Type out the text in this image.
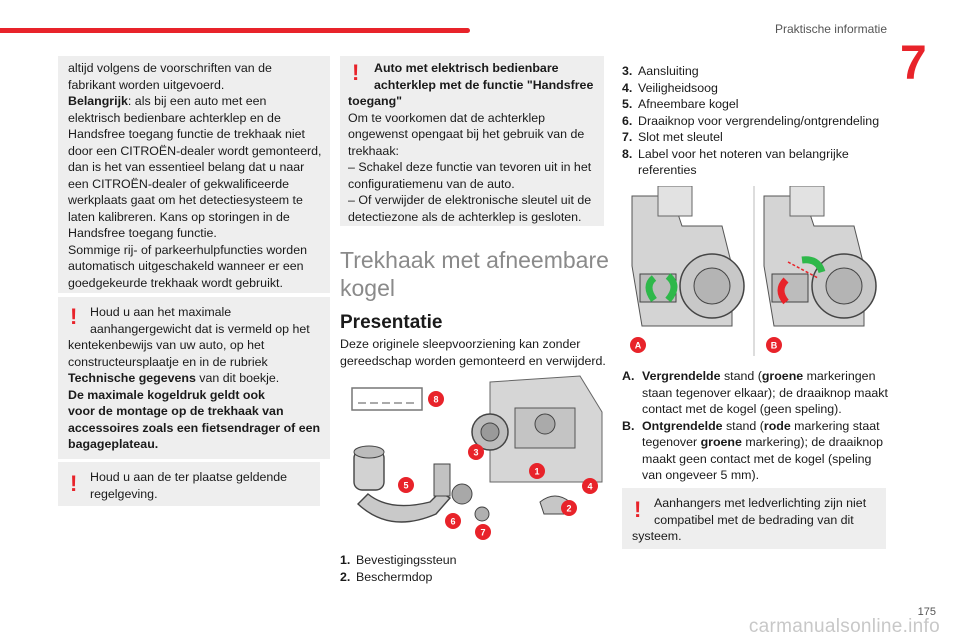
Praktische informatie
7
altijd volgens de voorschriften van de
fabrikant worden uitgevoerd.
Belangrijk: als bij een auto met een
elektrisch bedienbare achterklep en de
Handsfree toegang functie de trekhaak niet
door een CITROËN-dealer wordt gemonteerd,
dan is het van essentieel belang dat u naar
een CITROËN-dealer of gekwalificeerde
werkplaats gaat om het detectiesysteem te
laten kalibreren. Kans op storingen in de
Handsfree toegang functie.
Sommige rij- of parkeerhulpfuncties worden
automatisch uitgeschakeld wanneer er een
goedgekeurde trekhaak wordt gebruikt.
Houd u aan het maximale
aanhangergewicht dat is vermeld op het
kentekenbewijs van uw auto, op het
constructeursplaatje en in de rubriek
Technische gegevens van dit boekje.
De maximale kogeldruk geldt ook
voor de montage op de trekhaak van
accessoires zoals een fietsendrager of een
bagageplateau.
!
Houd u aan de ter plaatse geldende
regelgeving.
!
Auto met elektrisch bedienbare
achterklep met de functie "Handsfree
toegang"
Om te voorkomen dat de achterklep
ongewenst opengaat bij het gebruik van de
trekhaak:
– Schakel deze functie van tevoren uit in het
configuratiemenu van de auto.
– Of verwijder de elektronische sleutel uit de
detectiezone als de achterklep is gesloten.
!
Trekhaak met afneembare kogel
Presentatie
Deze originele sleepvoorziening kan zonder
gereedschap worden gemonteerd en verwijderd.
8
3
1
4
5
2
6
7
1. Bevestigingssteun
2. Beschermdop
3. Aansluiting
4. Veiligheidsoog
5. Afneembare kogel
6. Draaiknop voor vergrendeling/ontgrendeling
7. Slot met sleutel
8. Label voor het noteren van belangrijke
referenties
A	B
A. Vergrendelde stand (groene markeringen
staan tegenover elkaar); de draaiknop maakt
contact met de kogel (geen speling).
B. Ontgrendelde stand (rode markering staat
tegenover groene markering); de draaiknop
maakt geen contact met de kogel (speling
van ongeveer 5 mm).
Aanhangers met ledverlichting zijn niet
compatibel met de bedrading van dit
systeem.
!
carmanualsonline.info
175
